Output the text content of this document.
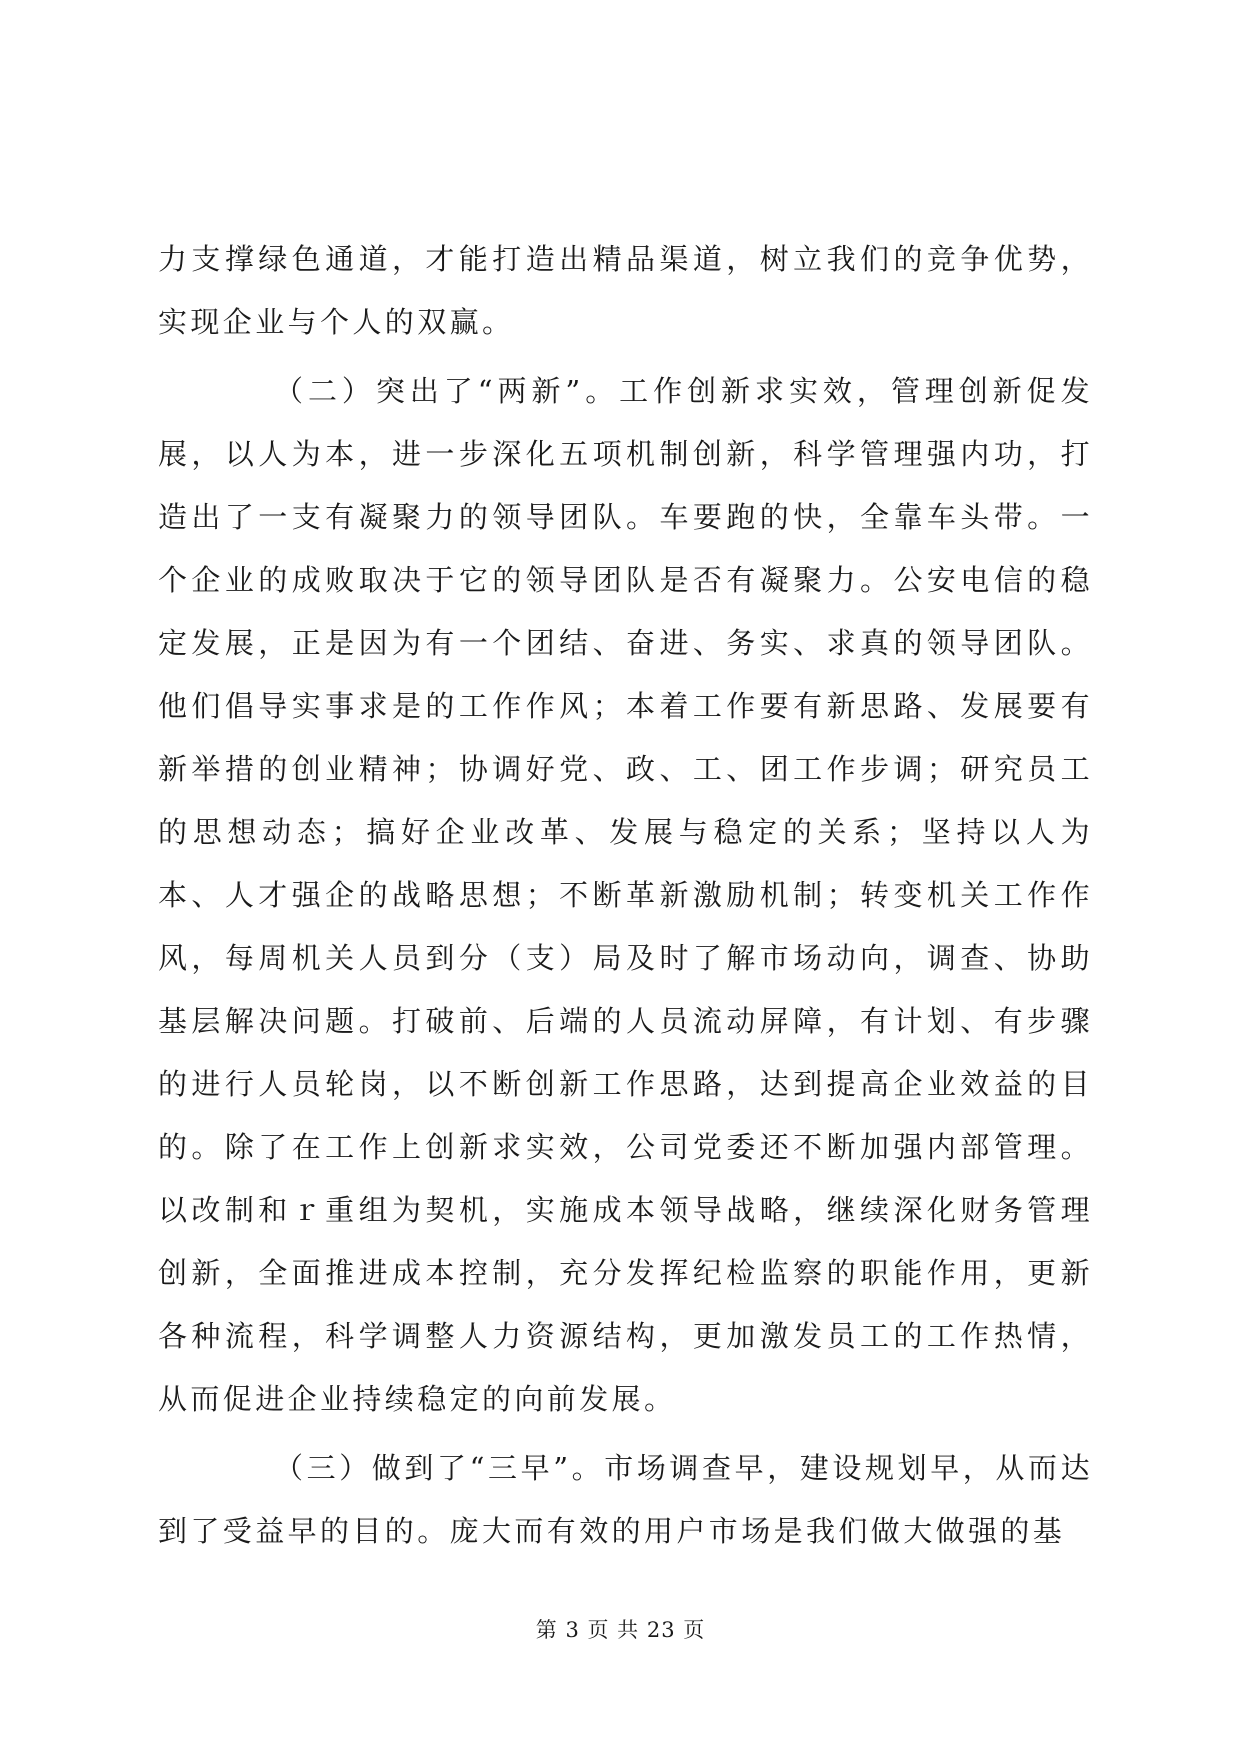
力支撑绿色通道，才能打造出精品渠道，树立我们的竞争优势，实现企业与个人的双赢。

（二）突出了“两新”。工作创新求实效，管理创新促发展，以人为本，进一步深化五项机制创新，科学管理强内功，打造出了一支有凝聚力的领导团队。车要跑的快，全靠车头带。一个企业的成败取决于它的领导团队是否有凝聚力。公安电信的稳定发展，正是因为有一个团结、奋进、务实、求真的领导团队。他们倡导实事求是的工作作风；本着工作要有新思路、发展要有新举措的创业精神；协调好党、政、工、团工作步调；研究员工的思想动态；搞好企业改革、发展与稳定的关系；坚持以人为本、人才强企的战略思想；不断革新激励机制；转变机关工作作风，每周机关人员到分（支）局及时了解市场动向，调查、协助基层解决问题。打破前、后端的人员流动屏障，有计划、有步骤的进行人员轮岗，以不断创新工作思路，达到提高企业效益的目的。除了在工作上创新求实效，公司党委还不断加强内部管理。以改制和ｒ重组为契机，实施成本领导战略，继续深化财务管理创新，全面推进成本控制，充分发挥纪检监察的职能作用，更新各种流程，科学调整人力资源结构，更加激发员工的工作热情，从而促进企业持续稳定的向前发展。

（三）做到了“三早”。市场调查早，建设规划早，从而达到了受益早的目的。庞大而有效的用户市场是我们做大做强的基

第 3 页 共 23 页
